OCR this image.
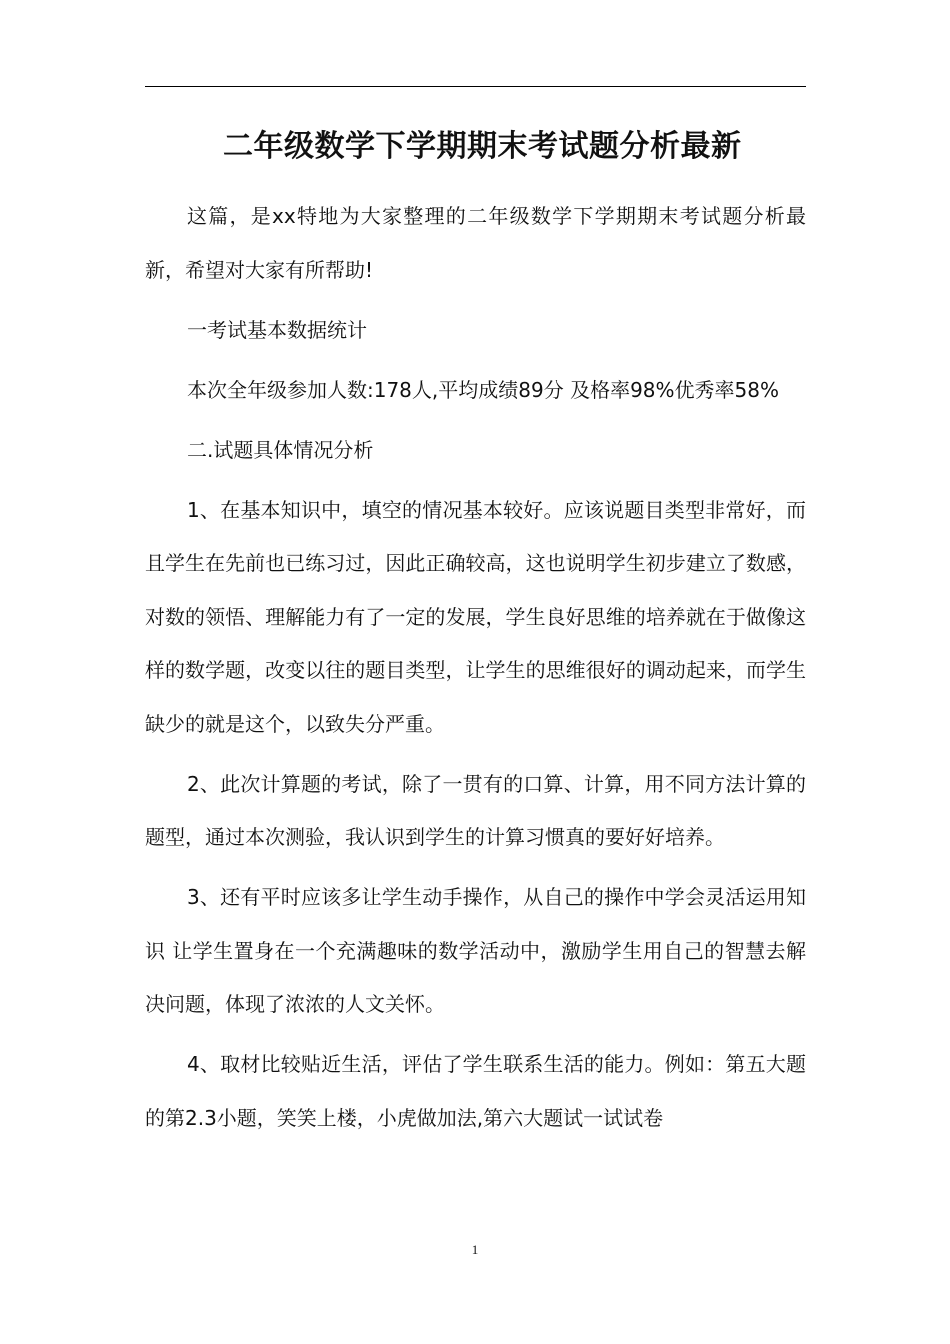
二年级数学下学期期末考试题分析最新

这篇，是xx特地为大家整理的二年级数学下学期期末考试题分析最新，希望对大家有所帮助!

一考试基本数据统计

本次全年级参加人数:178人,平均成绩89分 及格率98%优秀率58%

二.试题具体情况分析

1、在基本知识中，填空的情况基本较好。应该说题目类型非常好，而且学生在先前也已练习过，因此正确较高，这也说明学生初步建立了数感，对数的领悟、理解能力有了一定的发展，学生良好思维的培养就在于做像这样的数学题，改变以往的题目类型，让学生的思维很好的调动起来，而学生缺少的就是这个，以致失分严重。

2、此次计算题的考试，除了一贯有的口算、计算，用不同方法计算的题型，通过本次测验，我认识到学生的计算习惯真的要好好培养。

3、还有平时应该多让学生动手操作，从自己的操作中学会灵活运用知识 让学生置身在一个充满趣味的数学活动中，激励学生用自己的智慧去解决问题，体现了浓浓的人文关怀。

4、取材比较贴近生活，评估了学生联系生活的能力。例如：第五大题的第2.3小题，笑笑上楼，小虎做加法,第六大题试一试试卷

1
